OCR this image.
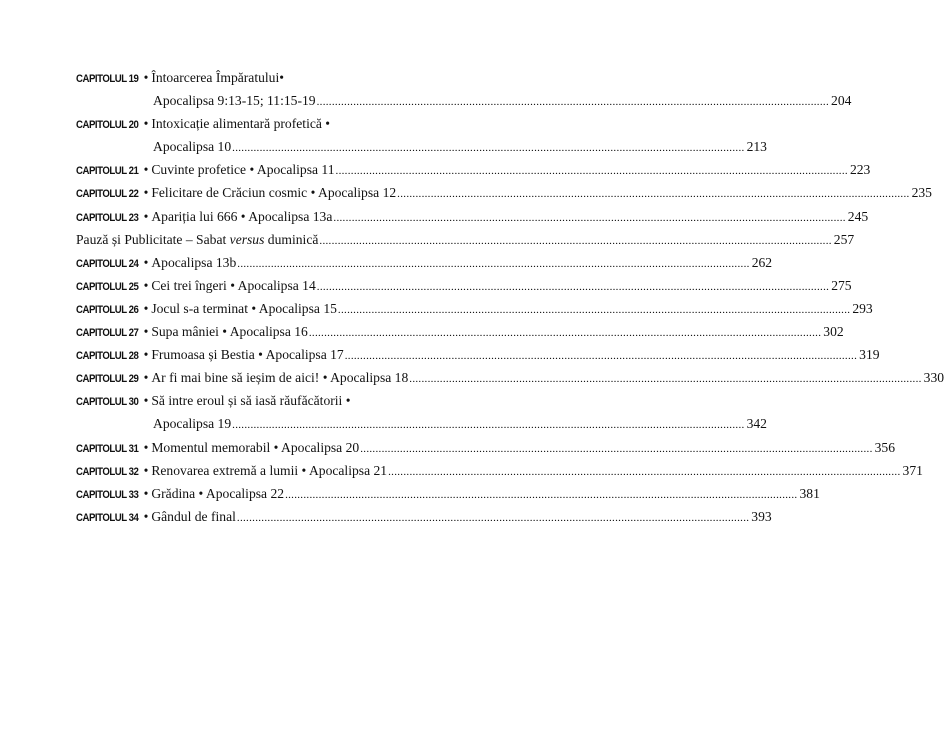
CAPITOLUL 19 • Întoarcerea Împăratului•
Apocalipsa 9:13-15; 11:15-19 .....	204
CAPITOLUL 20 • Intoxicație alimentară profetică •
Apocalipsa 10 .....	213
CAPITOLUL 21 • Cuvinte profetice • Apocalipsa 11 .....	223
CAPITOLUL 22 • Felicitare de Crăciun cosmic • Apocalipsa 12 .....	235
CAPITOLUL 23 • Apariția lui 666 • Apocalipsa 13a .....	245
Pauză și Publicitate – Sabat versus duminică .....	257
CAPITOLUL 24 • Apocalipsa 13b .....	262
CAPITOLUL 25 • Cei trei îngeri • Apocalipsa 14 .....	275
CAPITOLUL 26 • Jocul s-a terminat • Apocalipsa 15 .....	293
CAPITOLUL 27 • Supa mâniei • Apocalipsa 16 .....	302
CAPITOLUL 28 • Frumoasa și Bestia • Apocalipsa 17 .....	319
CAPITOLUL 29 • Ar fi mai bine să ieșim de aici! • Apocalipsa 18 .....	330
CAPITOLUL 30 • Să intre eroul și să iasă răufăcătorii •
Apocalipsa 19 .....	342
CAPITOLUL 31 • Momentul memorabil • Apocalipsa 20 .....	356
CAPITOLUL 32 • Renovarea extremă a lumii • Apocalipsa 21 .....	371
CAPITOLUL 33 • Grădina • Apocalipsa 22 .....	381
CAPITOLUL 34 • Gândul de final .....	393
